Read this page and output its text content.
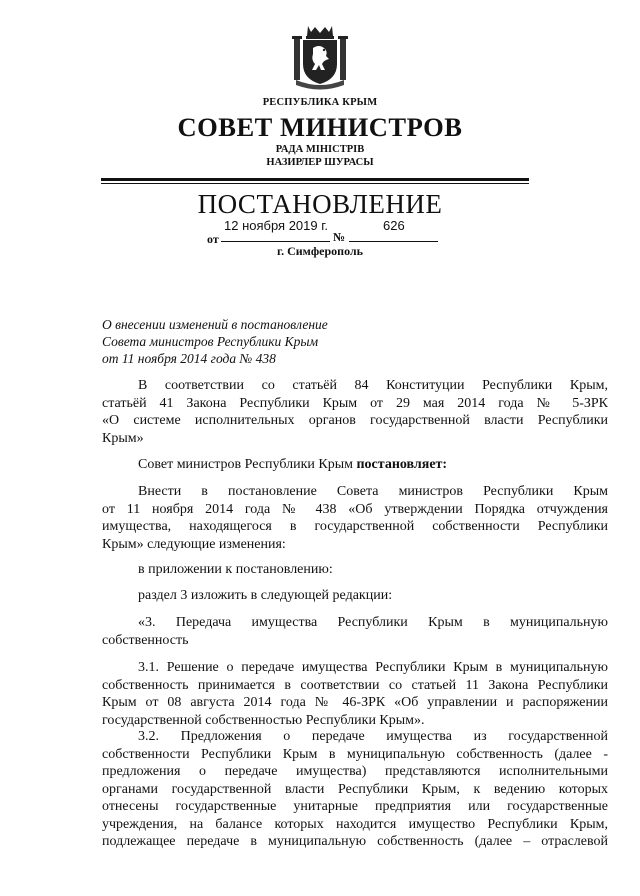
РЕСПУБЛИКА КРЫМ
СОВЕТ МИНИСТРОВ
РАДА МІНІСТРІВ
НАЗИРЛЕР ШУРАСЫ
ПОСТАНОВЛЕНИЕ
от
12 ноября 2019 г.
№
626
г. Симферополь
О внесении изменений в постановление
Совета министров Республики Крым
от 11 ноября 2014 года № 438
В соответствии со статьёй 84 Конституции Республики Крым,
статьёй 41 Закона Республики Крым от 29 мая 2014 года № 5-ЗРК
«О системе исполнительных органов государственной власти Республики
Крым»
Совет министров Республики Крым постановляет:
Внести в постановление Совета министров Республики Крым
от 11 ноября 2014 года № 438 «Об утверждении Порядка отчуждения
имущества, находящегося в государственной собственности Республики
Крым» следующие изменения:
в приложении к постановлению:
раздел 3 изложить в следующей редакции:
«3. Передача имущества Республики Крым в муниципальную
собственность
3.1. Решение о передаче имущества Республики Крым в муниципальную
собственность принимается в соответствии со статьей 11 Закона Республики
Крым от 08 августа 2014 года № 46-ЗРК «Об управлении и распоряжении
государственной собственностью Республики Крым».
3.2. Предложения о передаче имущества из государственной
собственности Республики Крым в муниципальную собственность (далее -
предложения о передаче имущества) представляются исполнительными
органами государственной власти Республики Крым, к ведению которых
отнесены государственные унитарные предприятия или государственные
учреждения, на балансе которых находится имущество Республики Крым,
подлежащее передаче в муниципальную собственность (далее – отраслевой
